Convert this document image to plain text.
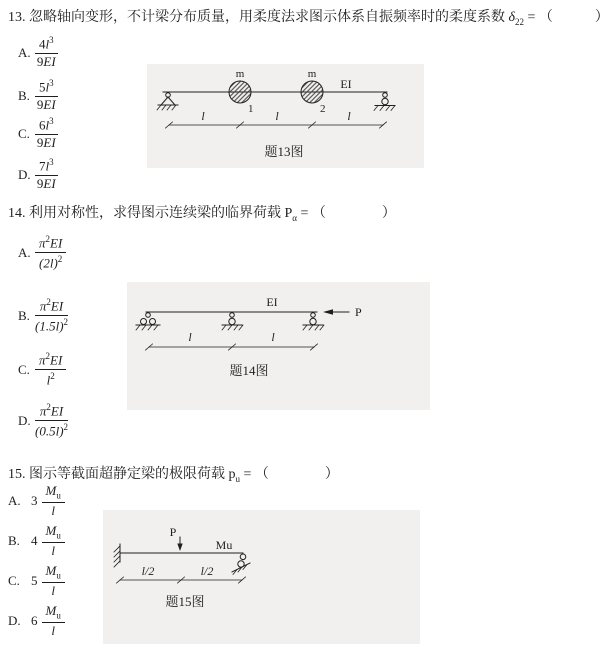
13. 忽略轴向变形，不计梁分布质量，用柔度法求图示体系自振频率时的柔度系数 $\delta_{22}$ = （　　　）
A. $\frac{4l^3}{9EI}$
B. $\frac{5l^3}{9EI}$
C. $\frac{6l^3}{9EI}$
D. $\frac{7l^3}{9EI}$
m
1
m
2
EI
l	l	l
题13图
14. 利用对称性，求得图示连续梁的临界荷载 $P_\alpha$ = （　　　　）
A. $\frac{\pi^2EI}{(2l)^2}$
B. $\frac{\pi^2EI}{(1.5l)^2}$
C. $\frac{\pi^2EI}{l^2}$
D. $\frac{\pi^2EI}{(0.5l)^2}$
EI
P
l	l
题14图
15. 图示等截面超静定梁的极限荷载 $p_u$ = （　　　　）
A. $3 \frac{M_u}{l}$
B. $4 \frac{M_u}{l}$
C. $5 \frac{M_u}{l}$
D. $6 \frac{M_u}{l}$
P
Mu
l/2	l/2
题15图
